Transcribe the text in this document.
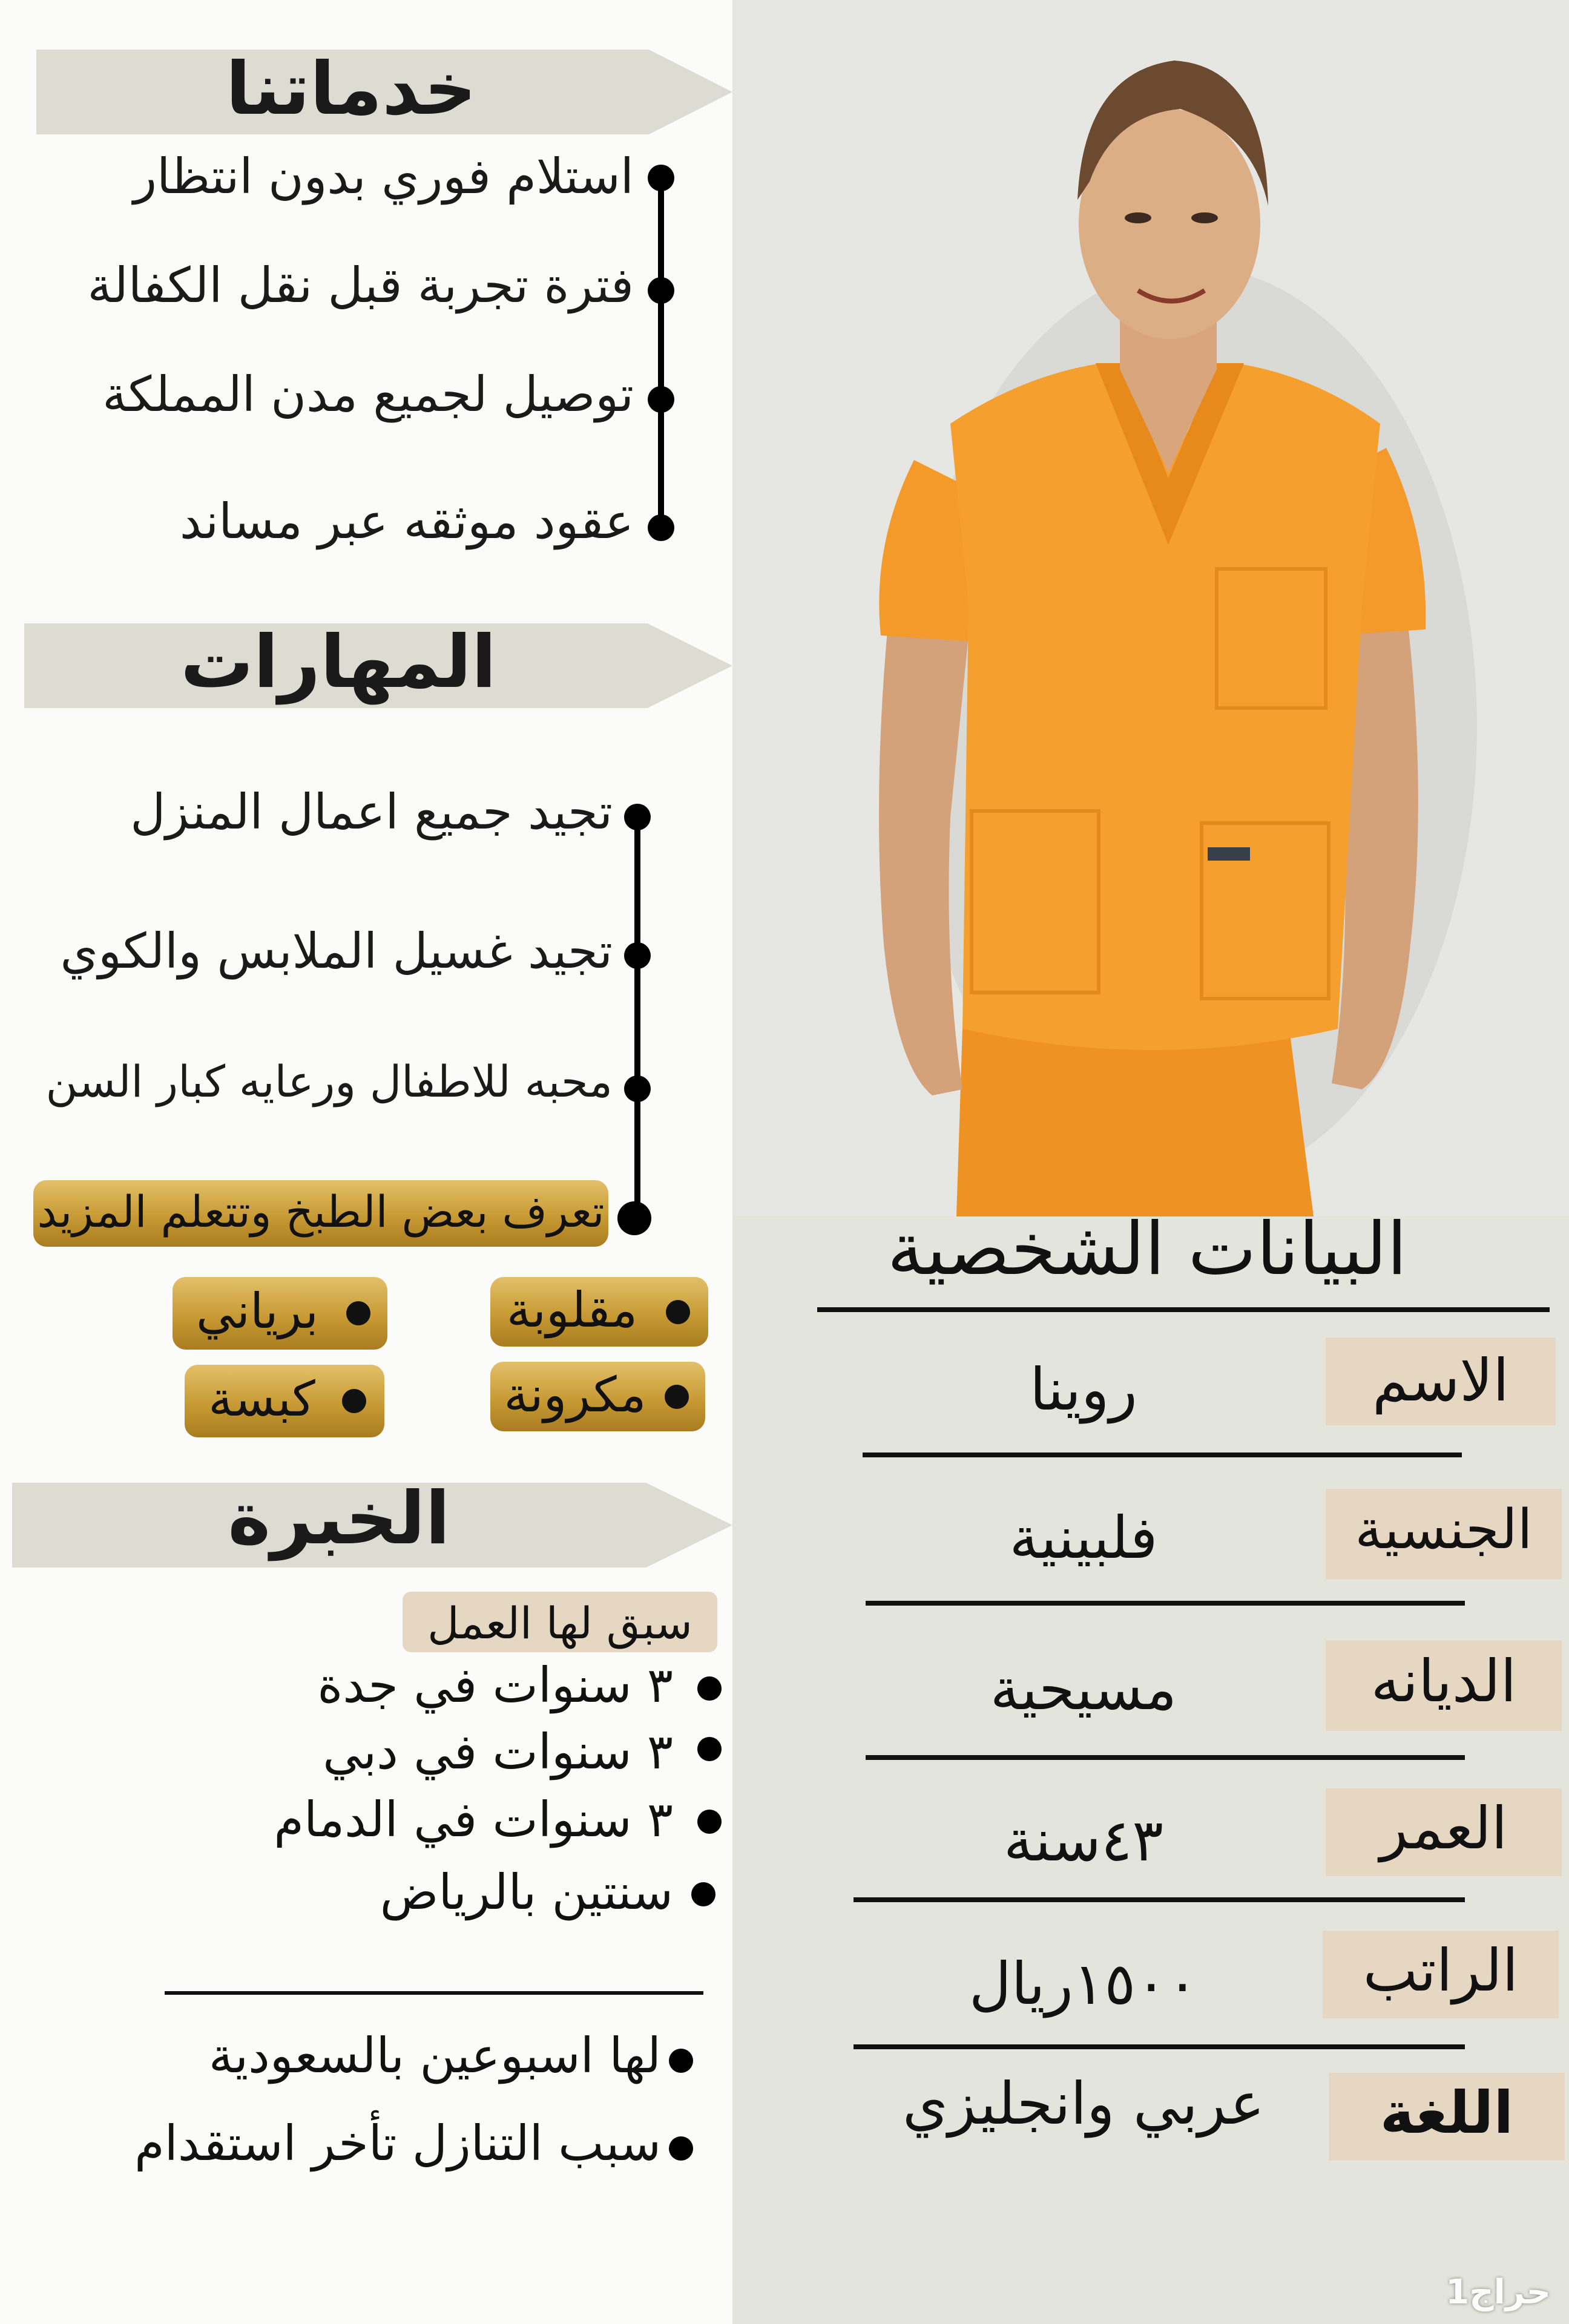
خدماتنا
استلام فوري بدون انتظار
فترة تجربة قبل نقل الكفالة
توصيل لجميع مدن المملكة
عقود موثقه عبر مساند
المهارات
تجيد جميع اعمال المنزل
تجيد غسيل الملابس والكوي
محبه للاطفال ورعايه كبار السن
تعرف بعض الطبخ وتتعلم المزيد
مقلوبة
برياني
مكرونة
كبسة
الخبرة
سبق لها العمل
٣ سنوات في جدة
٣ سنوات في دبي
٣ سنوات في الدمام
سنتين بالرياض
لها اسبوعين بالسعودية
سبب التنازل تأخر استقدام
البيانات الشخصية
الاسم
روينا
الجنسية
فلبينية
الديانه
مسيحية
العمر
٤٣سنة
الراتب
١٥٠٠ريال
اللغة
عربي وانجليزي
حراج1
